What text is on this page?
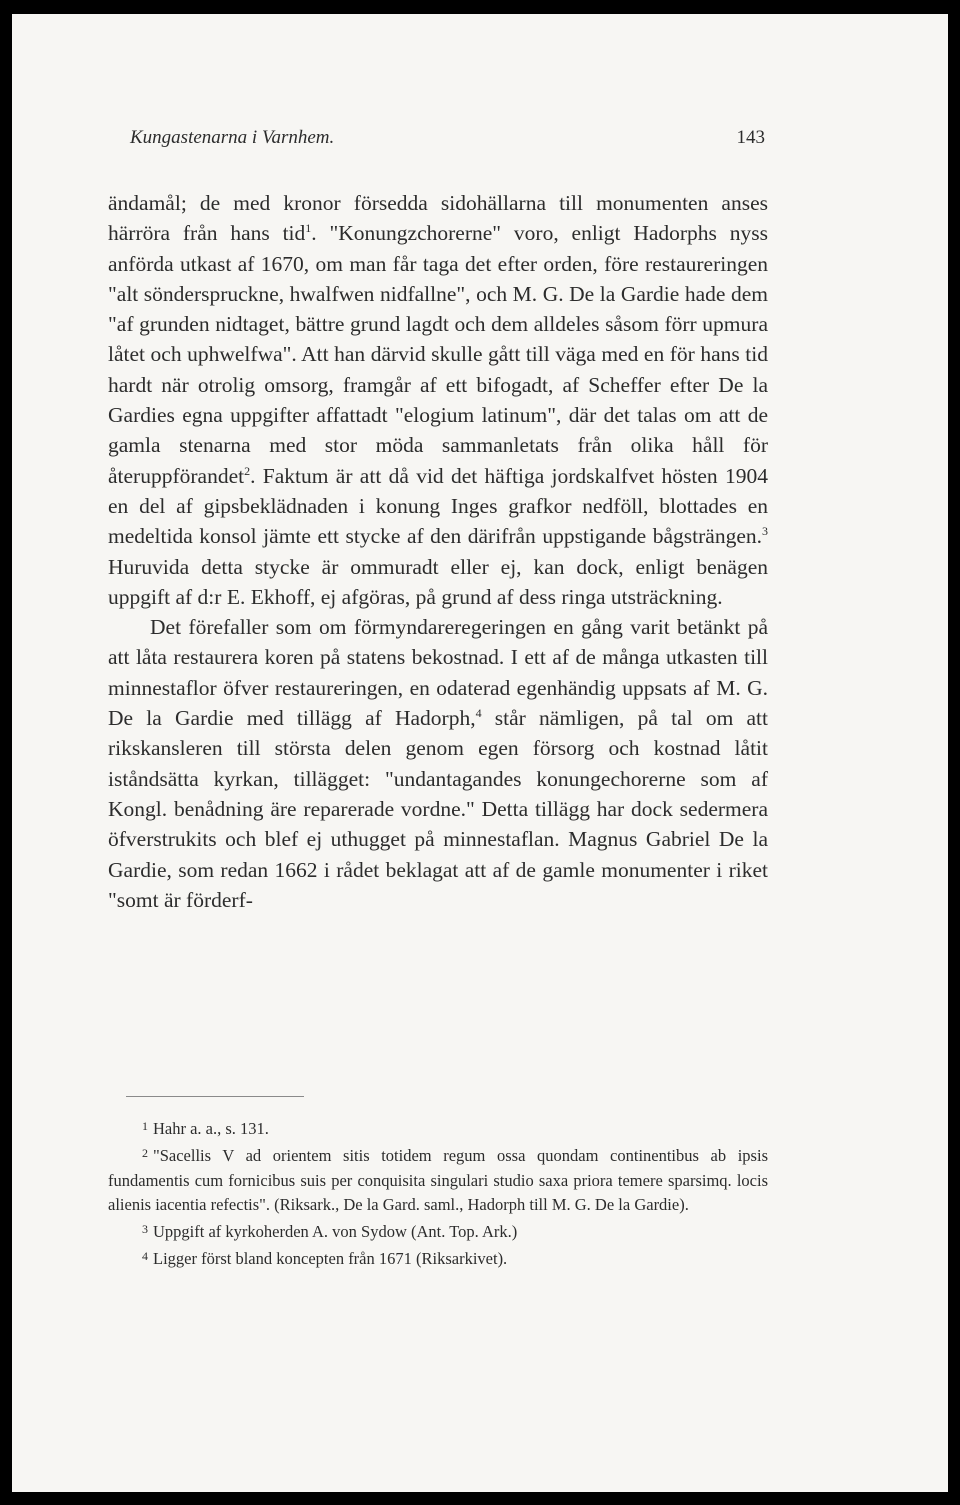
Kungastenarna i Varnhem.	143

ändamål; de med kronor försedda sidohällarna till monumenten anses härröra från hans tid$^1$. "Konungzchorerne" voro, enligt Hadorphs nyss anförda utkast af 1670, om man får taga det efter orden, före restaureringen "alt söndersprucknе, hwalfwen nidfallne", och M. G. De la Gardie hade dem "af grunden nidtaget, bättre grund lagdt och dem alldeles såsom förr upmura låtet och uphwelfwa". Att han därvid skulle gått till väga med en för hans tid hardt när otrolig omsorg, framgår af ett bifogadt, af Scheffer efter De la Gardies egna uppgifter affattadt "elogium latinum", där det talas om att de gamla stenarna med stor möda sammanletats från olika håll för återuppförandet$^2$. Faktum är att då vid det häftiga jordskalfvet hösten 1904 en del af gipsbeklädnaden i konung Inges grafkor nedföll, blottades en medeltida konsol jämte ett stycke af den därifrån uppstigande bågsträngen.$^3$ Huruvida detta stycke är ommuradt eller ej, kan dock, enligt benägen uppgift af d:r E. Ekhoff, ej afgöras, på grund af dess ringa utsträckning.

Det förefaller som om förmyndareregeringen en gång varit betänkt på att låta restaurera koren på statens bekostnad. I ett af de många utkasten till minnestaflor öfver restaureringen, en odaterad egenhändig uppsats af M. G. De la Gardie med tillägg af Hadorph,$^4$ står nämligen, på tal om att rikskansleren till största delen genom egen försorg och kostnad låtit iståndsätta kyrkan, tillägget: "undantagandes konungechorerne som af Kongl. benådning äre reparerade vordne." Detta tillägg har dock sedermera öfverstrukits och blef ej uthugget på minnestaflan. Magnus Gabriel De la Gardie, som redan 1662 i rådet beklagat att af de gamle monumenter i riket "somt är förderf-

$^1$ Hahr a. a., s. 131.

$^2$ "Sacellis V ad orientem sitis totidem regum ossa quondam continentibus ab ipsis fundamentis cum fornicibus suis per conquisita singulari studio saxa priora temere sparsimq. locis alienis iacentia refectis". (Riksark., De la Gard. saml., Hadorph till M. G. De la Gardie).

$^3$ Uppgift af kyrkoherden A. von Sydow (Ant. Top. Ark.)

$^4$ Ligger först bland koncepten från 1671 (Riksarkivet).
